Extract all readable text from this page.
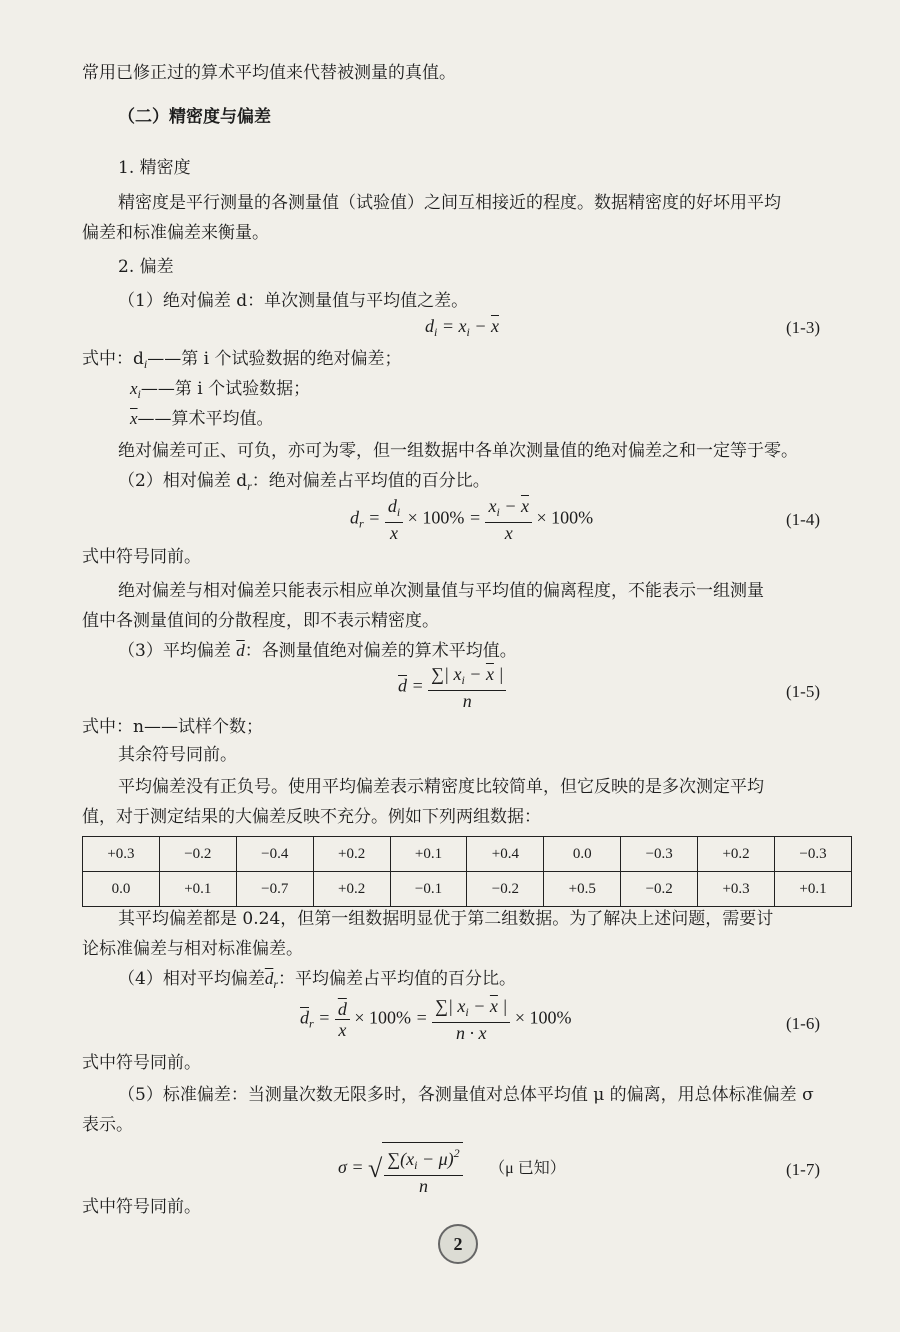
常用已修正过的算术平均值来代替被测量的真值。
（二）精密度与偏差
1. 精密度
精密度是平行测量的各测量值（试验值）之间互相接近的程度。数据精密度的好坏用平均
偏差和标准偏差来衡量。
2. 偏差
（1）绝对偏差 d：单次测量值与平均值之差。
$d_i = x_i - \overline{x}$	(1-3)
式中：$d_i——$第 i 个试验数据的绝对偏差；
$x_i——$第 i 个试验数据；
$\overline{x}——$算术平均值。
绝对偏差可正、可负，亦可为零，但一组数据中各单次测量值的绝对偏差之和一定等于零。
（2）相对偏差 $d_r$：绝对偏差占平均值的百分比。
$d_r = \frac{d_i}{x} \times 100\% = \frac{x_i - \overline{x}}{x} \times 100\%$	(1-4)
式中符号同前。
绝对偏差与相对偏差只能表示相应单次测量值与平均值的偏离程度，不能表示一组测量
值中各测量值间的分散程度，即不表示精密度。
（3）平均偏差 $\overline{d}$：各测量值绝对偏差的算术平均值。
$\overline{d} = \frac{\sum| x_i - \overline{x} |}{n}$	(1-5)
式中：n——试样个数；
其余符号同前。
平均偏差没有正负号。使用平均偏差表示精密度比较简单，但它反映的是多次测定平均
值，对于测定结果的大偏差反映不充分。例如下列两组数据：
+0.3	−0.2	−0.4	+0.2	+0.1	+0.4	0.0	−0.3	+0.2	−0.3
0.0	+0.1	−0.7	+0.2	−0.1	−0.2	+0.5	−0.2	+0.3	+0.1
其平均偏差都是 0.24，但第一组数据明显优于第二组数据。为了解决上述问题，需要讨
论标准偏差与相对标准偏差。
（4）相对平均偏差$\overline{d}_r$：平均偏差占平均值的百分比。
$\overline{d}_r = \frac{\overline{d}}{x} \times 100\% = \frac{\sum| x_i - \overline{x} |}{n \cdot \overline{x}} \times 100\%$	(1-6)
式中符号同前。
（5）标准偏差：当测量次数无限多时，各测量值对总体平均值 μ 的偏离，用总体标准偏差 σ
表示。
σ = √ $\frac{\sum(x_i - \mu)^2}{n} (\mu$ 已知）	(1-7)
式中符号同前。
2
